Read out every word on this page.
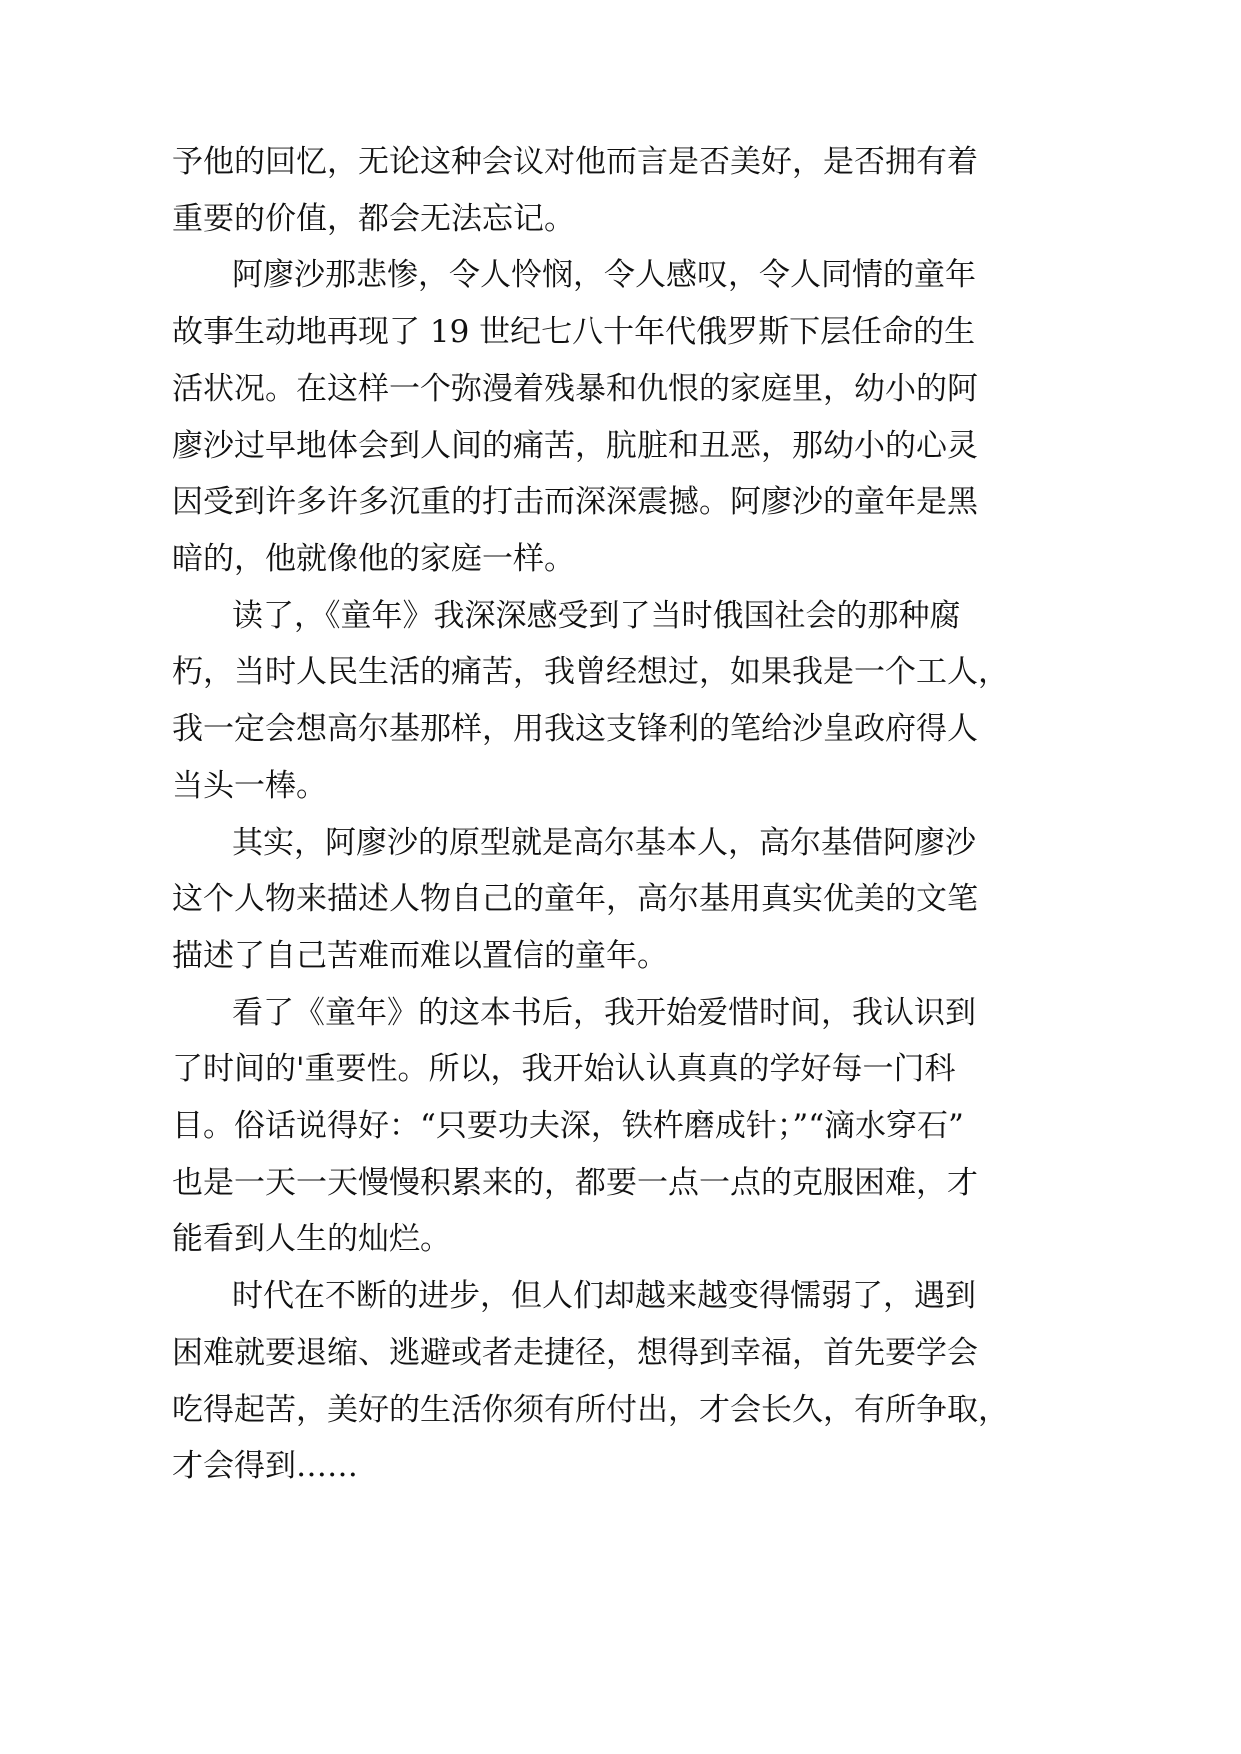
予他的回忆，无论这种会议对他而言是否美好，是否拥有着
重要的价值，都会无法忘记。
阿廖沙那悲惨，令人怜悯，令人感叹，令人同情的童年
故事生动地再现了 19 世纪七八十年代俄罗斯下层任命的生
活状况。在这样一个弥漫着残暴和仇恨的家庭里，幼小的阿
廖沙过早地体会到人间的痛苦，肮脏和丑恶，那幼小的心灵
因受到许多许多沉重的打击而深深震撼。阿廖沙的童年是黑
暗的，他就像他的家庭一样。
读了，《童年》我深深感受到了当时俄国社会的那种腐
朽，当时人民生活的痛苦，我曾经想过，如果我是一个工人，
我一定会想高尔基那样，用我这支锋利的笔给沙皇政府得人
当头一棒。
其实，阿廖沙的原型就是高尔基本人，高尔基借阿廖沙
这个人物来描述人物自己的童年，高尔基用真实优美的文笔
描述了自己苦难而难以置信的童年。
看了《童年》的这本书后，我开始爱惜时间，我认识到
了时间的'重要性。所以，我开始认认真真的学好每一门科
目。俗话说得好：“只要功夫深，铁杵磨成针；”“滴水穿石”
也是一天一天慢慢积累来的，都要一点一点的克服困难，才
能看到人生的灿烂。
时代在不断的进步，但人们却越来越变得懦弱了，遇到
困难就要退缩、逃避或者走捷径，想得到幸福，首先要学会
吃得起苦，美好的生活你须有所付出，才会长久，有所争取，
才会得到……
